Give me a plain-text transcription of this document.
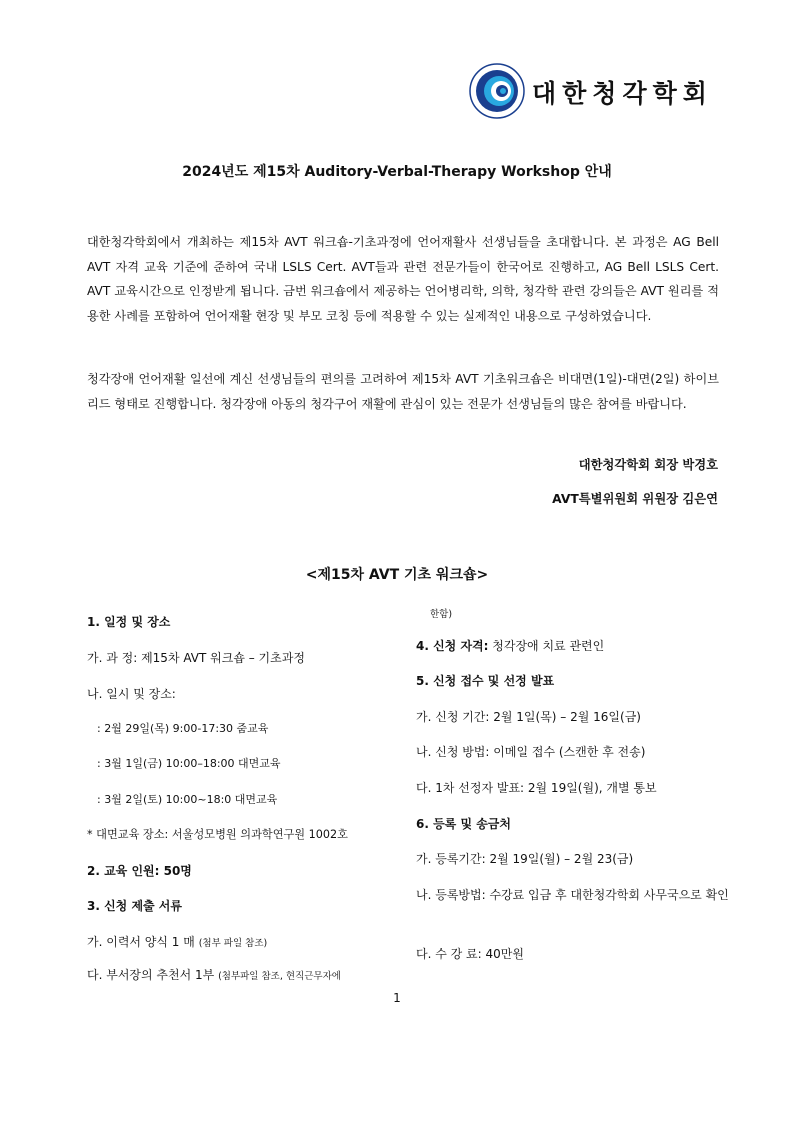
대한청각학회

2024년도 제15차 Auditory-Verbal-Therapy Workshop 안내

대한청각학회에서 개최하는 제15차 AVT 워크숍-기초과정에 언어재활사 선생님들을 초대합니다. 본 과정은 AG Bell AVT 자격 교육 기준에 준하여 국내 LSLS Cert. AVT들과 관련 전문가들이 한국어로 진행하고, AG Bell LSLS Cert. AVT 교육시간으로 인정받게 됩니다. 금번 워크숍에서 제공하는 언어병리학, 의학, 청각학 관련 강의들은 AVT 원리를 적용한 사례를 포함하여 언어재활 현장 및 부모 코칭 등에 적용할 수 있는 실제적인 내용으로 구성하였습니다.

청각장애 언어재활 일선에 계신 선생님들의 편의를 고려하여 제15차 AVT 기초워크숍은 비대면(1일)-대면(2일) 하이브리드 형태로 진행합니다. 청각장애 아동의 청각구어 재활에 관심이 있는 전문가 선생님들의 많은 참여를 바랍니다.

대한청각학회 회장 박경호

AVT특별위원회 위원장 김은연

<제15차 AVT 기초 워크숍>

1. 일정 및 장소

가. 과 정: 제15차 AVT 워크숍 – 기초과정

나. 일시 및 장소:

: 2월 29일(목) 9:00-17:30 줌교육

: 3월 1일(금) 10:00–18:00 대면교육

: 3월 2일(토) 10:00~18:0 대면교육

* 대면교육 장소: 서울성모병원 의과학연구원 1002호

2. 교육 인원: 50명

3. 신청 제출 서류

가. 이력서 양식 1 매 (첨부 파일 참조)

다. 부서장의 추천서 1부 (첨부파일 참조, 현직근무자에

한함)

4. 신청 자격: 청각장애 치료 관련인

5. 신청 접수 및 선정 발표

가. 신청 기간: 2월 1일(목) – 2월 16일(금)

나. 신청 방법: 이메일 접수 (스캔한 후 전송)

다. 1차 선정자 발표: 2월 19일(월), 개별 통보

6. 등록 및 송금처

가. 등록기간: 2월 19일(월) – 2월 23(금)

나. 등록방법: 수강료 입금 후 대한청각학회 사무국으로 확인

다. 수 강 료: 40만원

1
